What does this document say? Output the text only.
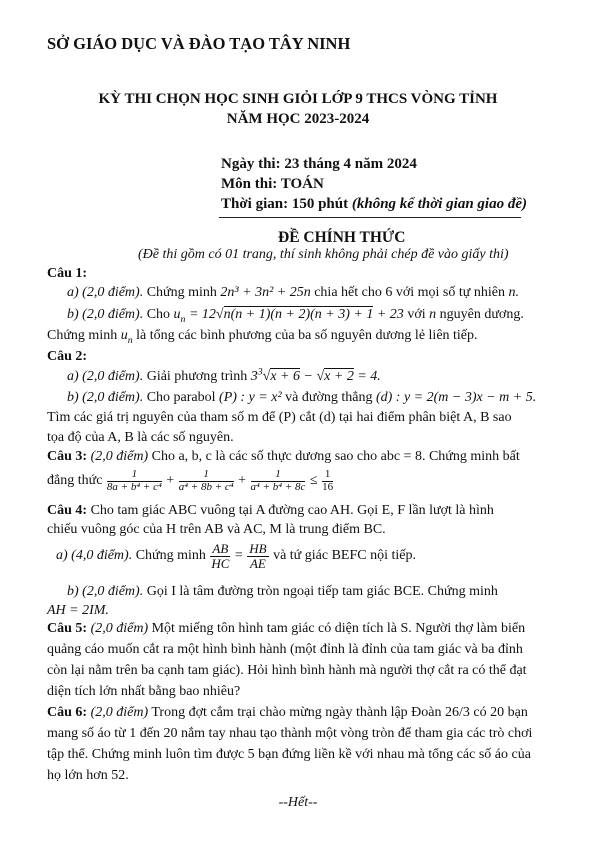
SỞ GIÁO DỤC VÀ ĐÀO TẠO TÂY NINH
KỲ THI CHỌN HỌC SINH GIỎI LỚP 9 THCS VÒNG TỈNH
NĂM HỌC 2023-2024
Ngày thi: 23 tháng 4 năm 2024
Môn thi: TOÁN
Thời gian: 150 phút (không kể thời gian giao đề)
ĐỀ CHÍNH THỨC
(Đề thi gồm có 01 trang, thí sinh không phải chép đề vào giấy thi)
Câu 1:
a) (2,0 điểm). Chứng minh 2n³ + 3n² + 25n chia hết cho 6 với mọi số tự nhiên n.
b) (2,0 điểm). Cho $u_n = 12√n(n + 1)(n + 2)(n + 3) + 1 + 23$ với n nguyên dương.
Chứng minh $u_n$ là tổng các bình phương của ba số nguyên dương lẻ liên tiếp.
Câu 2:
a) (2,0 điểm). Giải phương trình $3^3√x + 6 - √x + 2 = 4$.
b) (2,0 điểm). Cho parabol (P) : y = x² và đường thẳng (d) : y = 2(m − 3)x − m + 5.
Tìm các giá trị nguyên của tham số m để (P) cắt (d) tại hai điểm phân biệt A, B sao
tọa độ của A, B là các số nguyên.
Câu 3: (2,0 điểm) Cho a, b, c là các số thực dương sao cho abc = 8. Chứng minh bất
đẳng thức $\frac{1}{\text{8a + b⁴ + c⁴}} + \frac{1}{\text{a⁴ + 8b + c⁴}} + \frac{1}{\text{a⁴ + b⁴ + 8c}} \le \frac{1}{16}$
Câu 4: Cho tam giác ABC vuông tại A đường cao AH. Gọi E, F lần lượt là hình
chiếu vuông góc của H trên AB và AC, M là trung điểm BC.
a) (4,0 điểm). Chứng minh $\frac{AB}{HC} = \frac{HB}{AE}$ và tứ giác BEFC nội tiếp.
b) (2,0 điểm). Gọi I là tâm đường tròn ngoại tiếp tam giác BCE. Chứng minh
AH = 2IM.
Câu 5: (2,0 điểm) Một miếng tôn hình tam giác có diện tích là S. Người thợ làm biển
quảng cáo muốn cắt ra một hình bình hành (một đỉnh là đỉnh của tam giác và ba đỉnh
còn lại nằm trên ba cạnh tam giác). Hỏi hình bình hành mà người thợ cắt ra có thể đạt
diện tích lớn nhất bằng bao nhiêu?
Câu 6: (2,0 điểm) Trong đợt cắm trại chào mừng ngày thành lập Đoàn 26/3 có 20 bạn
mang số áo từ 1 đến 20 nắm tay nhau tạo thành một vòng tròn để tham gia các trò chơi
tập thể. Chứng minh luôn tìm được 5 bạn đứng liền kề với nhau mà tổng các số áo của
họ lớn hơn 52.
--Hết--
